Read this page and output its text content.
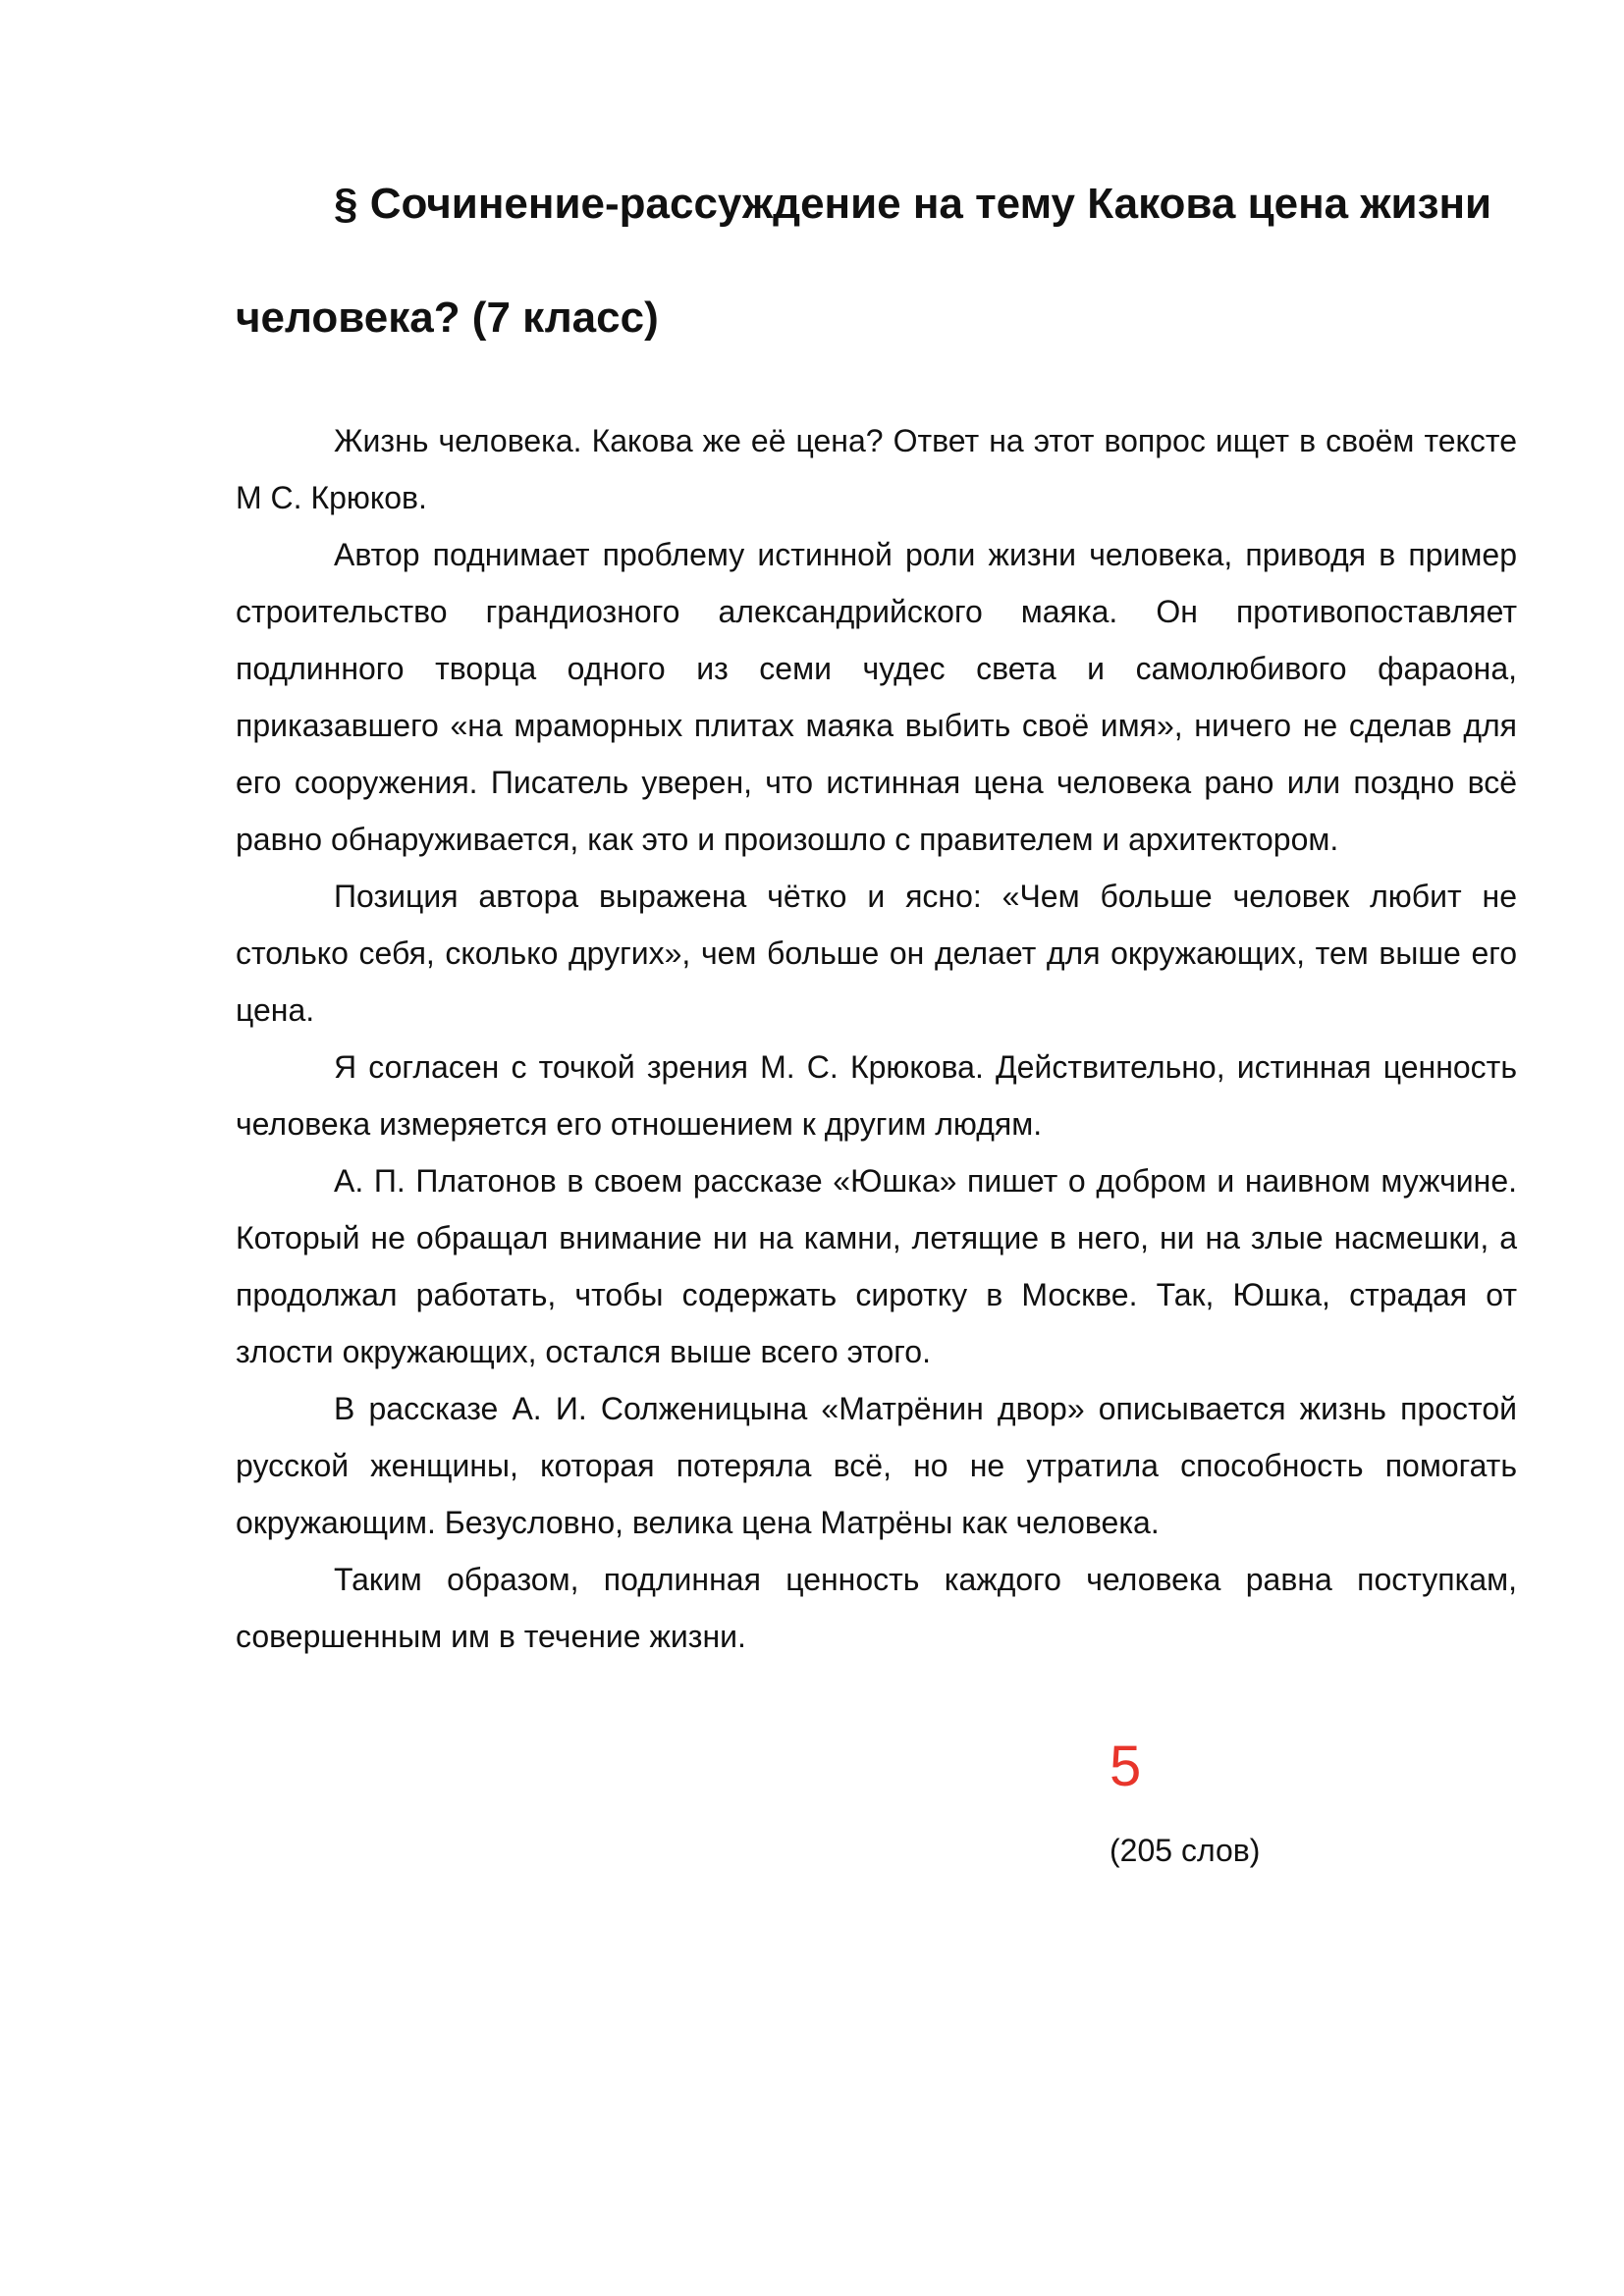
§ Сочинение-рассуждение на тему Какова цена жизни человека? (7 класс)

Жизнь человека. Какова же её цена? Ответ на этот вопрос ищет в своём тексте М С. Крюков.

Автор поднимает проблему истинной роли жизни человека, приводя в пример строительство грандиозного александрийского маяка. Он противопоставляет подлинного творца одного из семи чудес света и самолюбивого фараона, приказавшего «на мраморных плитах маяка выбить своё имя», ничего не сделав для его сооружения. Писатель уверен, что истинная цена человека рано или поздно всё равно обнаруживается, как это и произошло с правителем и архитектором.

Позиция автора выражена чётко и ясно: «Чем больше человек любит не столько себя, сколько других», чем больше он делает для окружающих, тем выше его цена.

Я согласен с точкой зрения М. С. Крюкова. Действительно, истинная ценность человека измеряется его отношением к другим людям.

А. П. Платонов в своем рассказе «Юшка» пишет о добром и наивном мужчине. Который не обращал внимание ни на камни, летящие в него, ни на злые насмешки, а продолжал работать, чтобы содержать сиротку в Москве. Так, Юшка, страдая от злости окружающих, остался выше всего этого.

В рассказе А. И. Солженицына «Матрёнин двор» описывается жизнь простой русской женщины, которая потеряла всё, но не утратила способность помогать окружающим. Безусловно, велика цена Матрёны как человека.

Таким образом, подлинная ценность каждого человека равна поступкам, совершенным им в течение жизни.

5
(205 слов)
